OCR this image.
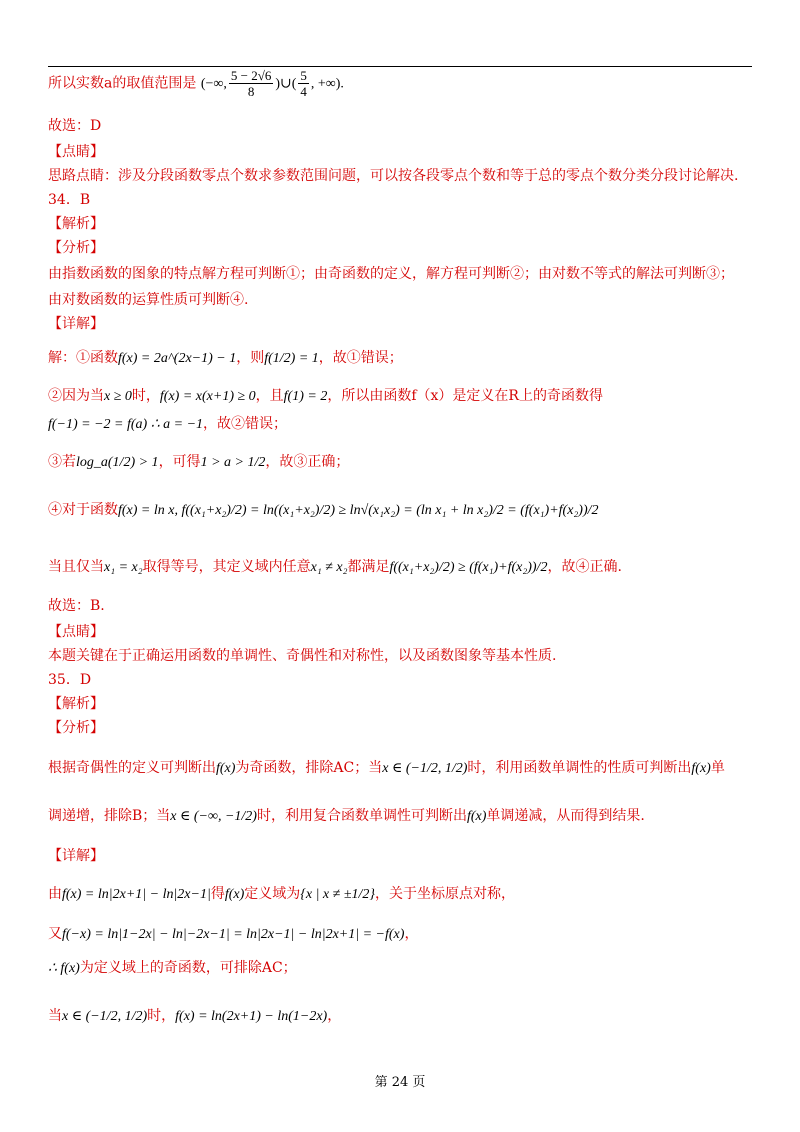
所以实数a的取值范围是 (−∞, $\frac{5 - 2√6}{8}$ )∪( $\frac{5}{4}$ , +∞).
故选：D
【点睛】
思路点睛：涉及分段函数零点个数求参数范围问题，可以按各段零点个数和等于总的零点个数分类分段讨论解决.
34．B
【解析】
【分析】
由指数函数的图象的特点解方程可判断①；由奇函数的定义，解方程可判断②；由对数不等式的解法可判断③；
由对数函数的运算性质可判断④.
【详解】
解：①函数f(x) = 2a^(2x−1) − 1，则f(1/2) = 1，故①错误；
②因为当x ≥ 0时，f(x) = x(x+1) ≥ 0，且f(1) = 2，所以由函数f（x）是定义在R上的奇函数得
f(−1) = −2 = f(a) ∴ a = −1，故②错误；
③若log_a(1/2) > 1，可得1 > a > 1/2，故③正确；
④对于函数f(x) = ln x, f((x₁+x₂)/2) = ln((x₁+x₂)/2) ≥ ln√(x₁x₂) = (ln x₁ + ln x₂)/2 = (f(x₁)+f(x₂))/2
当且仅当x₁ = x₂取得等号，其定义域内任意x₁ ≠ x₂都满足f((x₁+x₂)/2) ≥ (f(x₁)+f(x₂))/2，故④正确.
故选：B.
【点睛】
本题关键在于正确运用函数的单调性、奇偶性和对称性，以及函数图象等基本性质.
35．D
【解析】
【分析】
根据奇偶性的定义可判断出f(x)为奇函数，排除AC；当x ∈ (−1/2, 1/2)时，利用函数单调性的性质可判断出f(x)单
调递增，排除B；当x ∈ (−∞, −1/2)时，利用复合函数单调性可判断出f(x)单调递减，从而得到结果.
【详解】
由f(x) = ln|2x+1| − ln|2x−1|得f(x)定义域为{x | x ≠ ±1/2}，关于坐标原点对称，
又f(−x) = ln|1−2x| − ln|−2x−1| = ln|2x−1| − ln|2x+1| = −f(x)，
∴ f(x)为定义域上的奇函数，可排除AC；
当x ∈ (−1/2, 1/2)时，f(x) = ln(2x+1) − ln(1−2x)，
第 24 页
